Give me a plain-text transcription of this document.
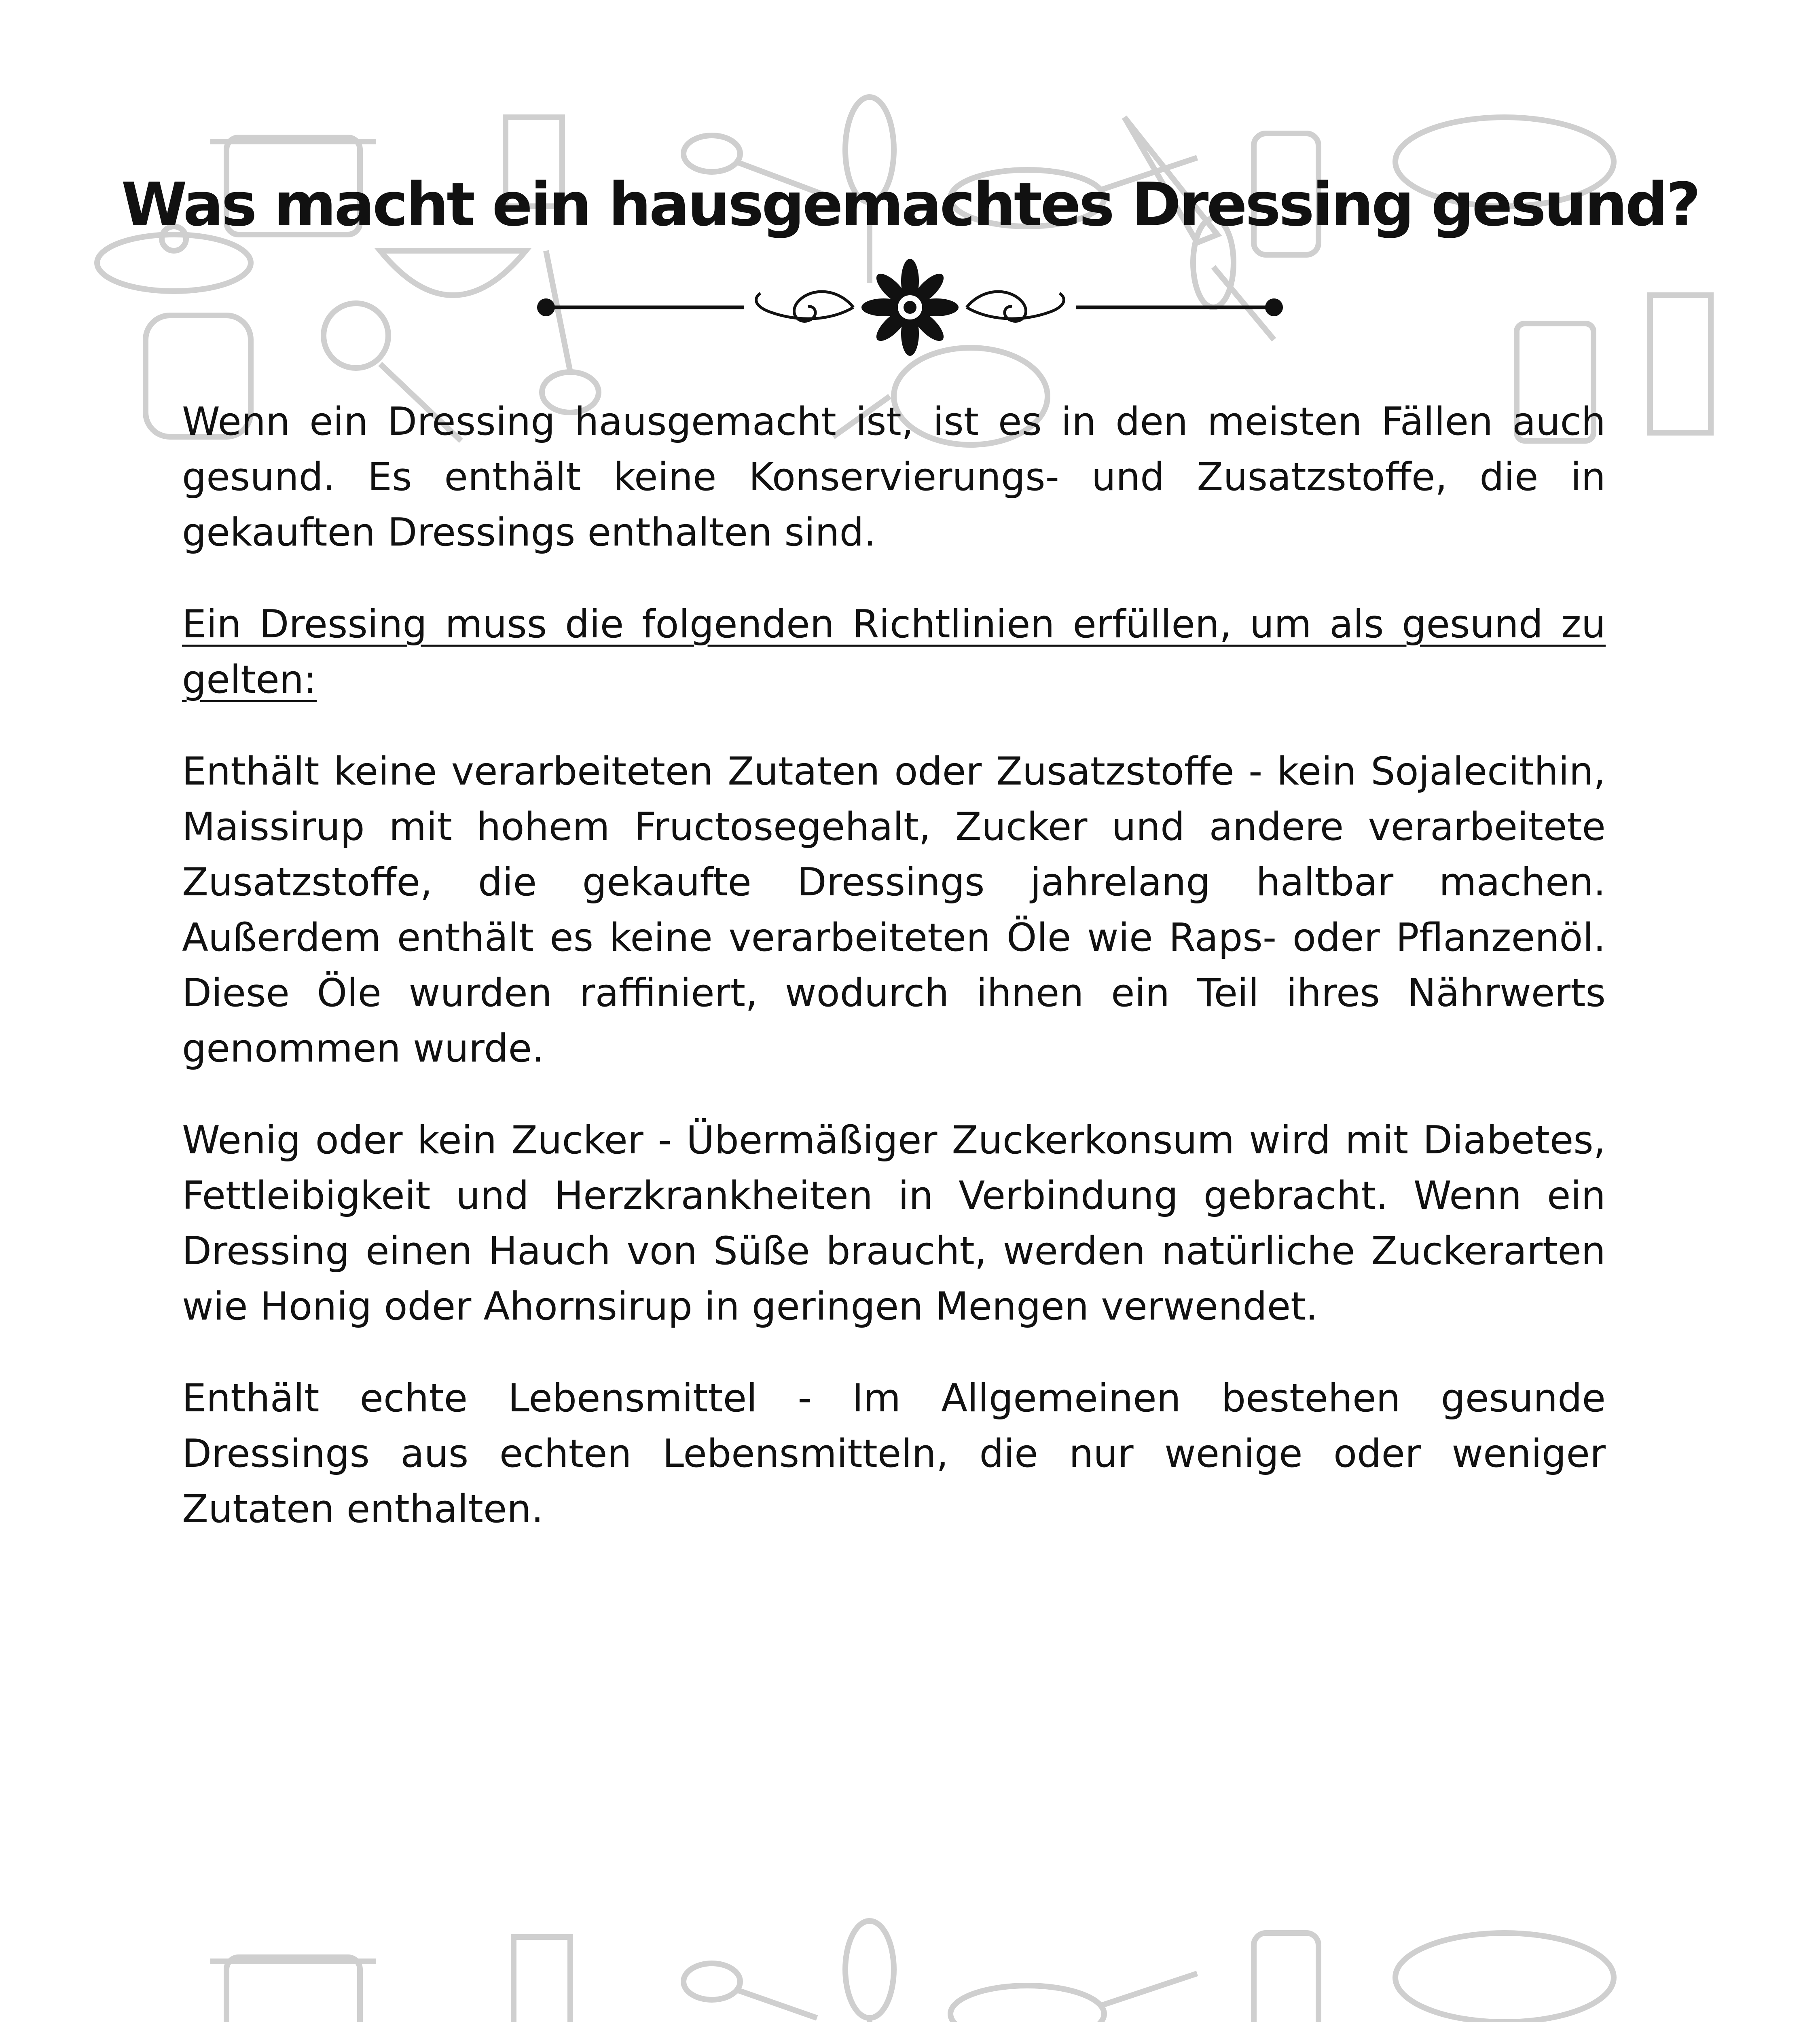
Was macht ein hausgemachtes Dressing gesund?

Wenn ein Dressing hausgemacht ist, ist es in den meisten Fällen auch gesund. Es enthält keine Konservierungs- und Zusatzstoffe, die in gekauften Dressings enthalten sind.

Ein Dressing muss die folgenden Richtlinien erfüllen, um als gesund zu gelten:

Enthält keine verarbeiteten Zutaten oder Zusatzstoffe - kein Sojalecithin, Maissirup mit hohem Fructosegehalt, Zucker und andere verarbeitete Zusatzstoffe, die gekaufte Dressings jahrelang haltbar machen. Außerdem enthält es keine verarbeiteten Öle wie Raps- oder Pflanzenöl. Diese Öle wurden raffiniert, wodurch ihnen ein Teil ihres Nährwerts genommen wurde.

Wenig oder kein Zucker - Übermäßiger Zuckerkonsum wird mit Diabetes, Fettleibigkeit und Herzkrankheiten in Verbindung gebracht. Wenn ein Dressing einen Hauch von Süße braucht, werden natürliche Zuckerarten wie Honig oder Ahornsirup in geringen Mengen verwendet.

Enthält echte Lebensmittel - Im Allgemeinen bestehen gesunde Dressings aus echten Lebensmitteln, die nur wenige oder weniger Zutaten enthalten.
